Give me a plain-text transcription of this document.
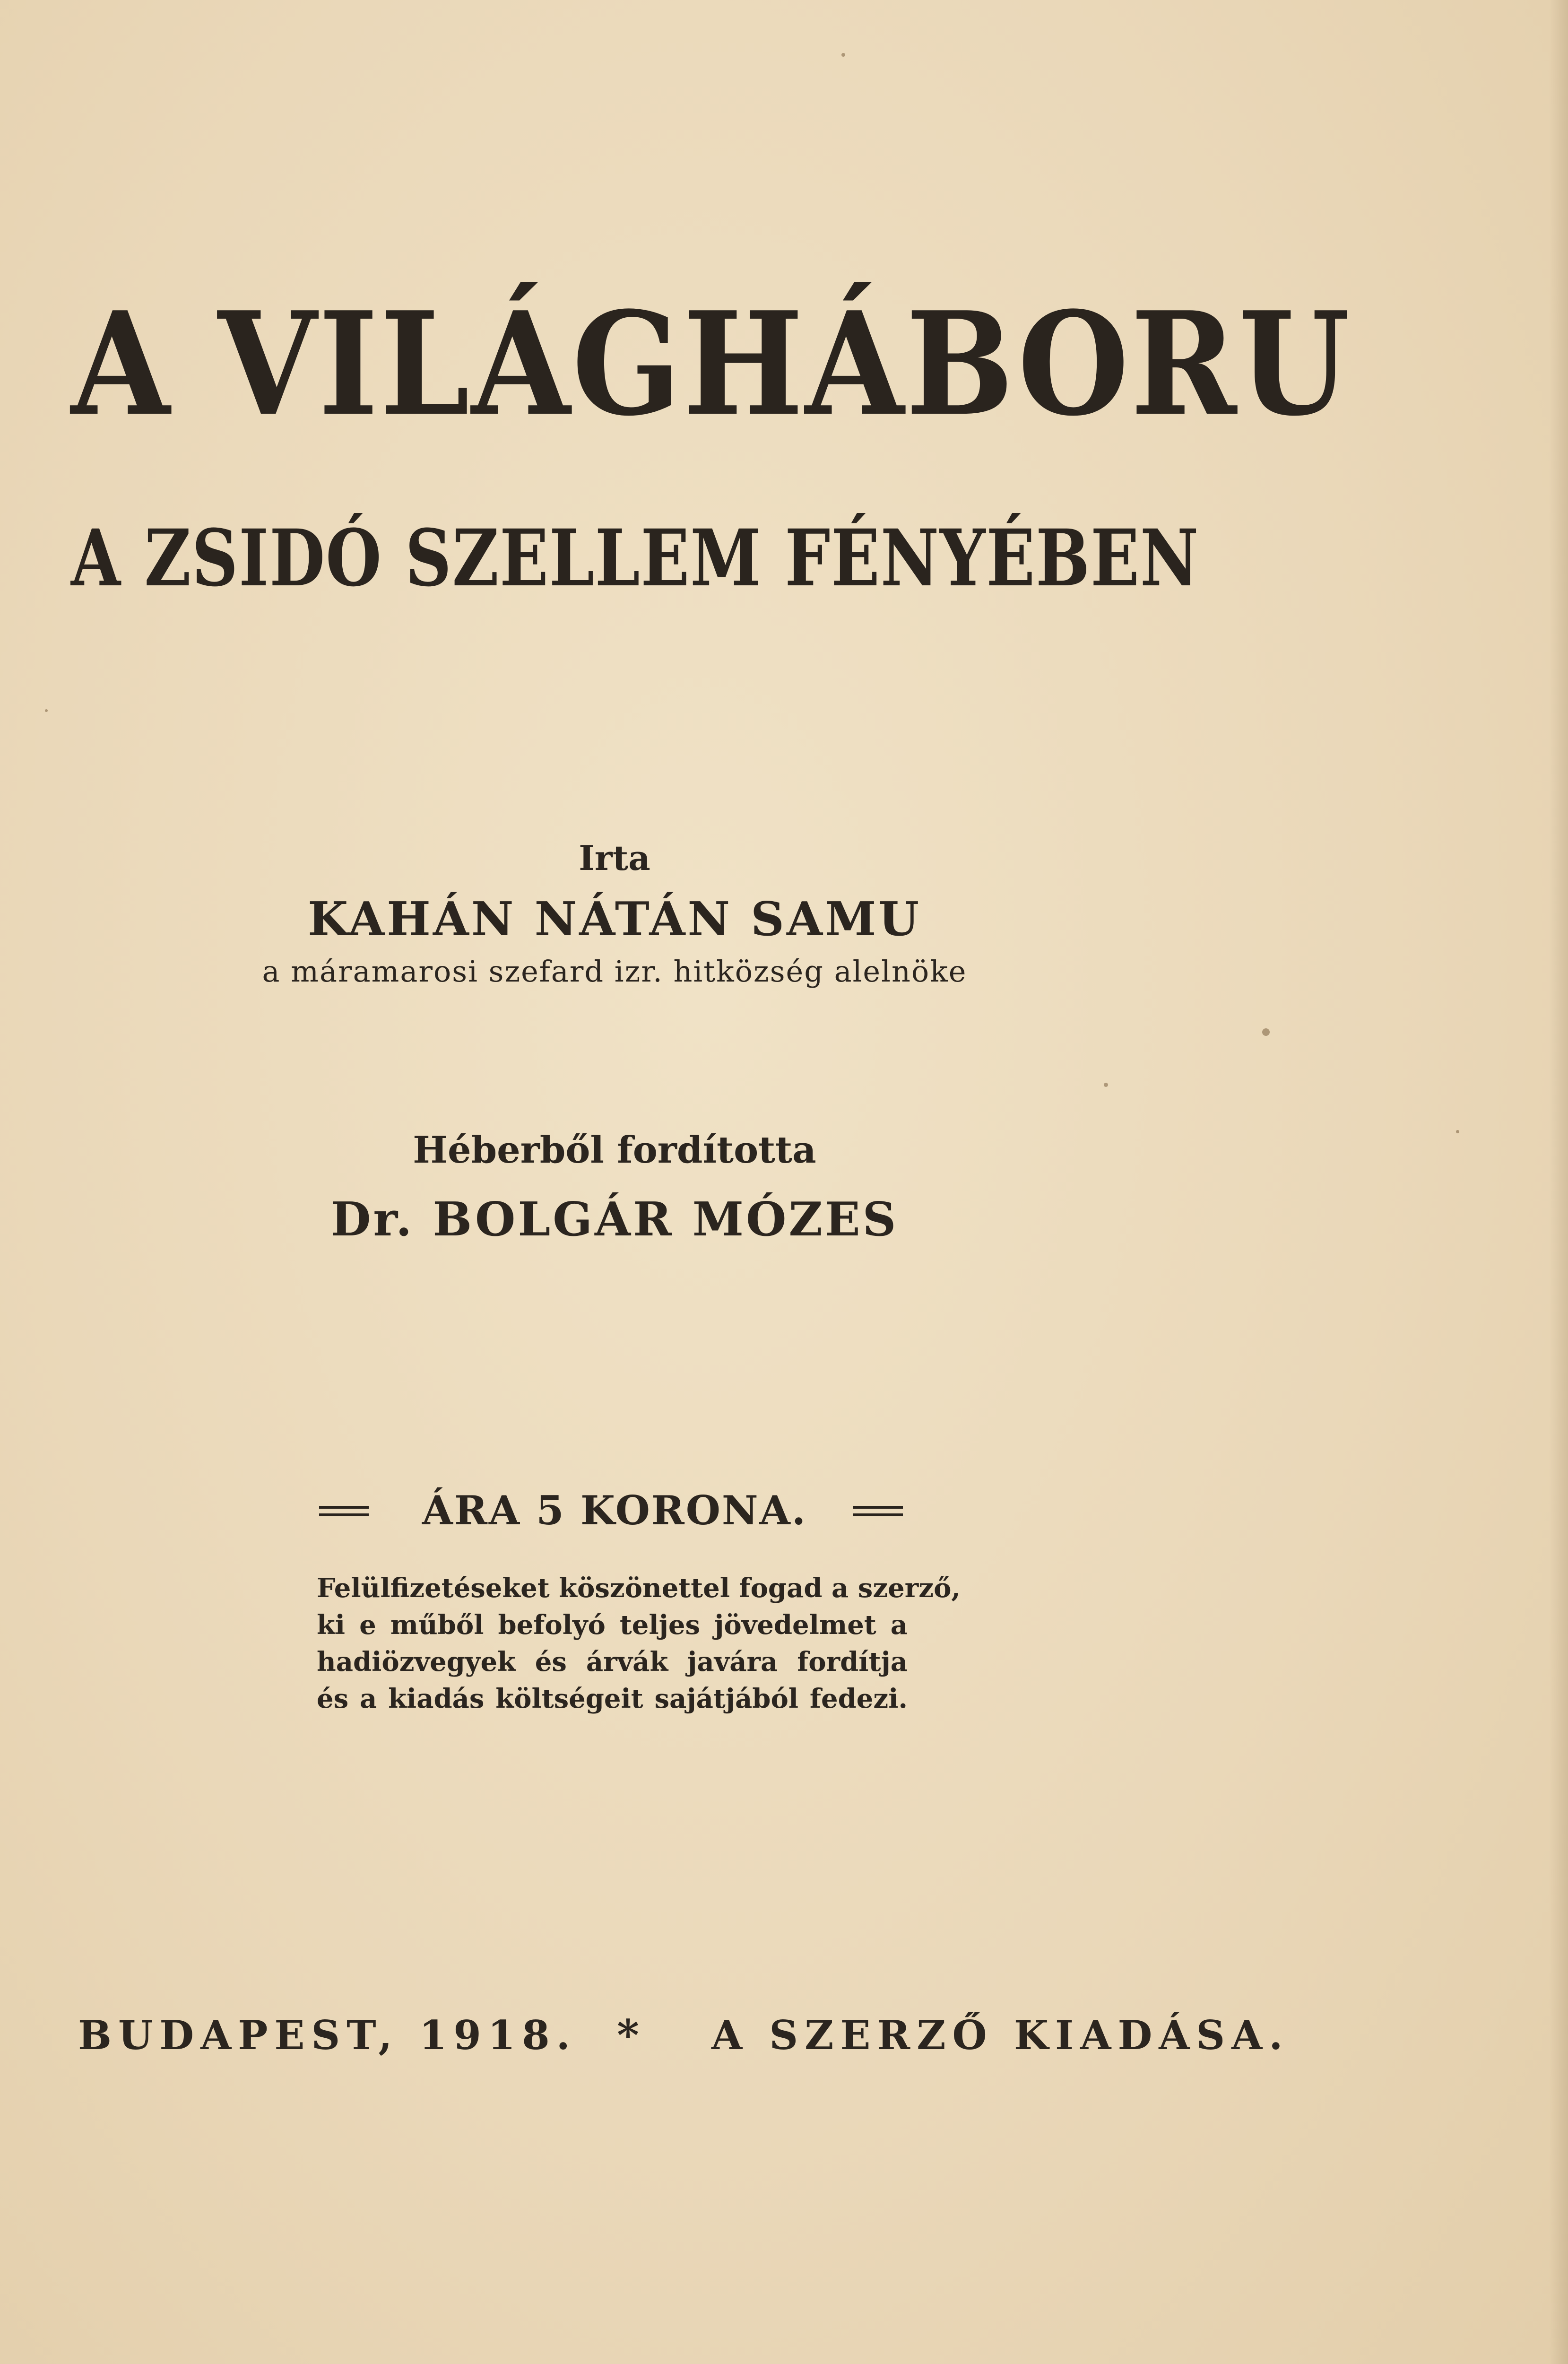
A VILÁGHÁBORU
A ZSIDÓ SZELLEM FÉNYÉBEN
Irta
KAHÁN NÁTÁN SAMU
a máramarosi szefard izr. hitközség alelnöke
Héberből fordította
Dr. BOLGÁR MÓZES
ÁRA 5 KORONA.
Felülfizetéseket köszönettel fogad a szerző,
ki e műből befolyó teljes jövedelmet a
hadiözvegyek és árvák javára fordítja
és a kiadás költségeit sajátjából fedezi.
BUDAPEST, 1918. * A SZERZŐ KIADÁSA.
